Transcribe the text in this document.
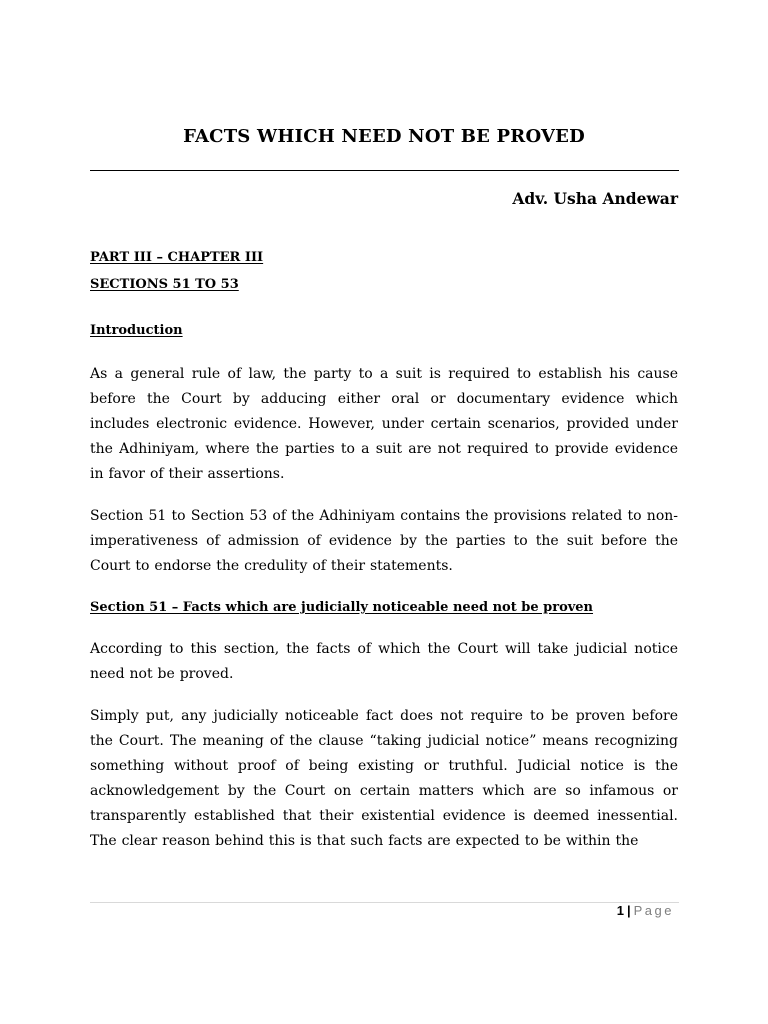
FACTS WHICH NEED NOT BE PROVED
Adv. Usha Andewar
PART III – CHAPTER III
SECTIONS 51 TO 53
Introduction
As a general rule of law, the party to a suit is required to establish his cause before the Court by adducing either oral or documentary evidence which includes electronic evidence. However, under certain scenarios, provided under the Adhiniyam, where the parties to a suit are not required to provide evidence in favor of their assertions.
Section 51 to Section 53 of the Adhiniyam contains the provisions related to non-imperativeness of admission of evidence by the parties to the suit before the Court to endorse the credulity of their statements.
Section 51 – Facts which are judicially noticeable need not be proven
According to this section, the facts of which the Court will take judicial notice need not be proved.
Simply put, any judicially noticeable fact does not require to be proven before the Court. The meaning of the clause “taking judicial notice” means recognizing something without proof of being existing or truthful. Judicial notice is the acknowledgement by the Court on certain matters which are so infamous or transparently established that their existential evidence is deemed inessential. The clear reason behind this is that such facts are expected to be within the
1 | Page
